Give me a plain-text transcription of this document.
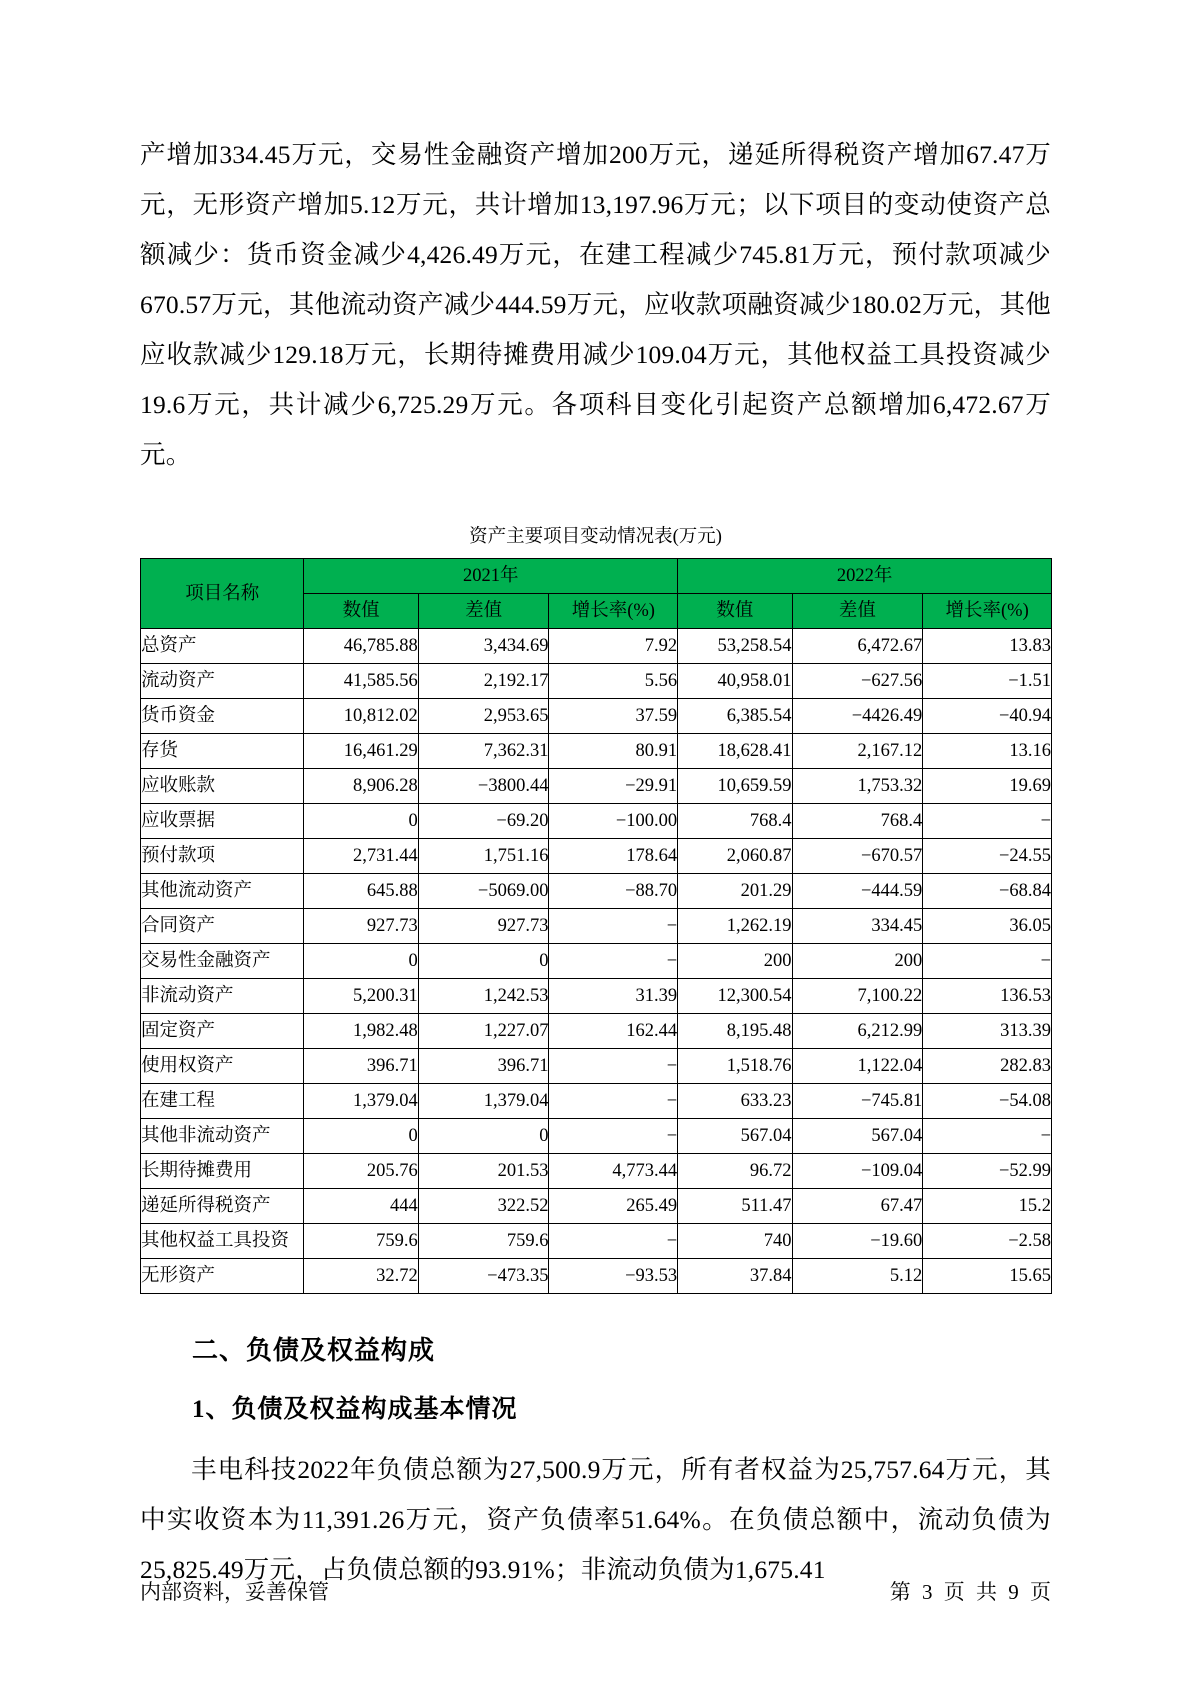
产增加334.45万元，交易性金融资产增加200万元，递延所得税资产增加67.47万元，无形资产增加5.12万元，共计增加13,197.96万元；以下项目的变动使资产总额减少：货币资金减少4,426.49万元，在建工程减少745.81万元，预付款项减少670.57万元，其他流动资产减少444.59万元，应收款项融资减少180.02万元，其他应收款减少129.18万元，长期待摊费用减少109.04万元，其他权益工具投资减少19.6万元，共计减少6,725.29万元。各项科目变化引起资产总额增加6,472.67万元。

资产主要项目变动情况表(万元)
项目名称	2021年			2022年		
	数值	差值	增长率(%)	数值	差值	增长率(%)
总资产	46,785.88	3,434.69	7.92	53,258.54	6,472.67	13.83
流动资产	41,585.56	2,192.17	5.56	40,958.01	−627.56	−1.51
货币资金	10,812.02	2,953.65	37.59	6,385.54	−4426.49	−40.94
存货	16,461.29	7,362.31	80.91	18,628.41	2,167.12	13.16
应收账款	8,906.28	−3800.44	−29.91	10,659.59	1,753.32	19.69
应收票据	0	−69.20	−100.00	768.4	768.4	−
预付款项	2,731.44	1,751.16	178.64	2,060.87	−670.57	−24.55
其他流动资产	645.88	−5069.00	−88.70	201.29	−444.59	−68.84
合同资产	927.73	927.73	−	1,262.19	334.45	36.05
交易性金融资产	0	0	−	200	200	−
非流动资产	5,200.31	1,242.53	31.39	12,300.54	7,100.22	136.53
固定资产	1,982.48	1,227.07	162.44	8,195.48	6,212.99	313.39
使用权资产	396.71	396.71	−	1,518.76	1,122.04	282.83
在建工程	1,379.04	1,379.04	−	633.23	−745.81	−54.08
其他非流动资产	0	0	−	567.04	567.04	−
长期待摊费用	205.76	201.53	4,773.44	96.72	−109.04	−52.99
递延所得税资产	444	322.52	265.49	511.47	67.47	15.2
其他权益工具投资	759.6	759.6	−	740	−19.60	−2.58
无形资产	32.72	−473.35	−93.53	37.84	5.12	15.65
二、负债及权益构成
1、负债及权益构成基本情况

丰电科技2022年负债总额为27,500.9万元，所有者权益为25,757.64万元，其中实收资本为11,391.26万元，资产负债率51.64%。在负债总额中，流动负债为25,825.49万元，占负债总额的93.91%；非流动负债为1,675.41

内部资料，妥善保管	第 3 页 共 9 页
